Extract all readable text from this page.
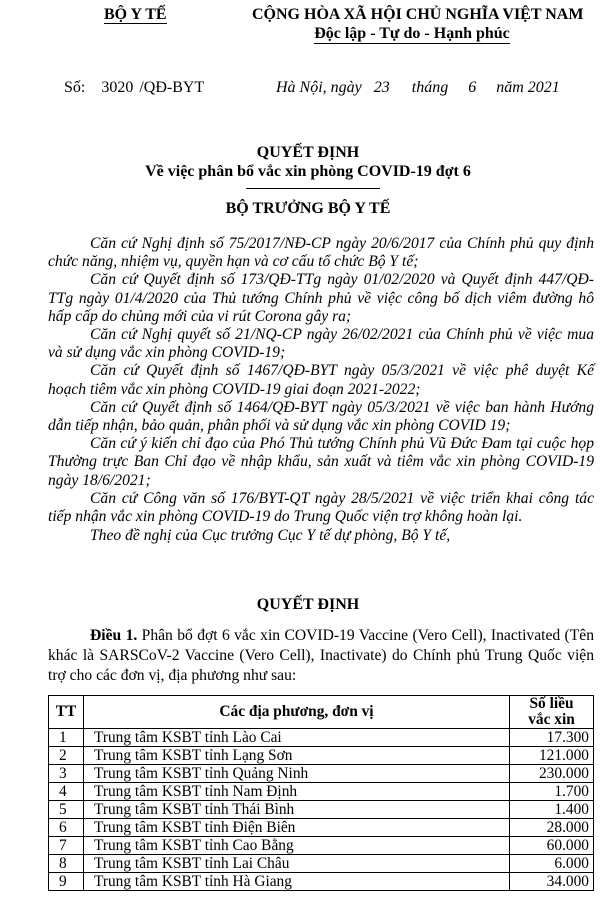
BỘ Y TẾ	CỘNG HÒA XÃ HỘI CHỦ NGHĨA VIỆT NAM
Độc lập - Tự do - Hạnh phúc
Số: 3020 /QĐ-BYT	Hà Nội, ngày 23 tháng 6 năm 2021
QUYẾT ĐỊNH
Về việc phân bổ vắc xin phòng COVID-19 đợt 6
BỘ TRƯỞNG BỘ Y TẾ

Căn cứ Nghị định số 75/2017/NĐ-CP ngày 20/6/2017 của Chính phủ quy định chức năng, nhiệm vụ, quyền hạn và cơ cấu tổ chức Bộ Y tế;

Căn cứ Quyết định số 173/QĐ-TTg ngày 01/02/2020 và Quyết định 447/QĐ-TTg ngày 01/4/2020 của Thủ tướng Chính phủ về việc công bố dịch viêm đường hô hấp cấp do chủng mới của vi rút Corona gây ra;

Căn cứ Nghị quyết số 21/NQ-CP ngày 26/02/2021 của Chính phủ về việc mua và sử dụng vắc xin phòng COVID-19;

Căn cứ Quyết định số 1467/QĐ-BYT ngày 05/3/2021 về việc phê duyệt Kế hoạch tiêm vắc xin phòng COVID-19 giai đoạn 2021-2022;

Căn cứ Quyết định số 1464/QĐ-BYT ngày 05/3/2021 về việc ban hành Hướng dẫn tiếp nhận, bảo quản, phân phối và sử dụng vắc xin phòng COVID 19;

Căn cứ ý kiến chỉ đạo của Phó Thủ tướng Chính phủ Vũ Đức Đam tại cuộc họp Thường trực Ban Chỉ đạo về nhập khẩu, sản xuất và tiêm vắc xin phòng COVID-19 ngày 18/6/2021;

Căn cứ Công văn số 176/BYT-QT ngày 28/5/2021 về việc triển khai công tác tiếp nhận vắc xin phòng COVID-19 do Trung Quốc viện trợ không hoàn lại.

Theo đề nghị của Cục trưởng Cục Y tế dự phòng, Bộ Y tế,

QUYẾT ĐỊNH

Điều 1. Phân bổ đợt 6 vắc xin COVID-19 Vaccine (Vero Cell), Inactivated (Tên khác là SARSCoV-2 Vaccine (Vero Cell), Inactivate) do Chính phủ Trung Quốc viện trợ cho các đơn vị, địa phương như sau:

TT	Các địa phương, đơn vị	Số liều vắc xin
1	Trung tâm KSBT tỉnh Lào Cai	17.300
2	Trung tâm KSBT tỉnh Lạng Sơn	121.000
3	Trung tâm KSBT tỉnh Quảng Ninh	230.000
4	Trung tâm KSBT tỉnh Nam Định	1.700
5	Trung tâm KSBT tỉnh Thái Bình	1.400
6	Trung tâm KSBT tỉnh Điện Biên	28.000
7	Trung tâm KSBT tỉnh Cao Bằng	60.000
8	Trung tâm KSBT tỉnh Lai Châu	6.000
9	Trung tâm KSBT tỉnh Hà Giang	34.000
